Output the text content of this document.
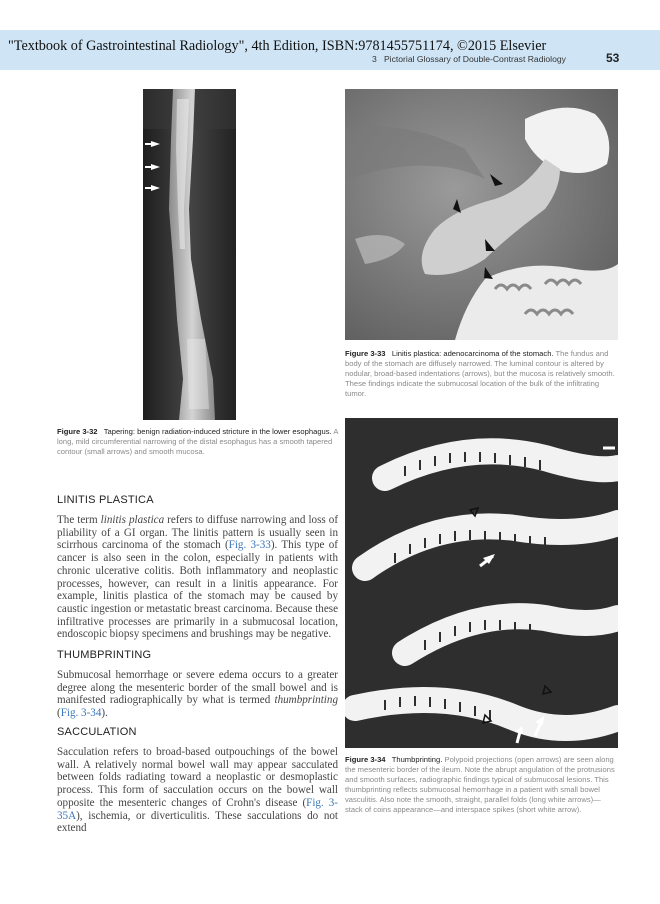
"Textbook of Gastrointestinal Radiology", 4th Edition, ISBN:9781455751174, ©2015 Elsevier
3 Pictorial Glossary of Double-Contrast Radiology	53
Figure 3-32 Tapering: benign radiation-induced stricture in the lower esophagus. A long, mild circumferential narrowing of the distal esophagus has a smooth tapered contour (small arrows) and smooth mucosa.
Figure 3-33 Linitis plastica: adenocarcinoma of the stomach. The fundus and body of the stomach are diffusely narrowed. The luminal contour is altered by nodular, broad-based indentations (arrows), but the mucosa is relatively smooth. These findings indicate the submucosal location of the bulk of the infiltrating tumor.
Figure 3-34 Thumbprinting. Polypoid projections (open arrows) are seen along the mesenteric border of the ileum. Note the abrupt angulation of the protrusions and smooth surfaces, radiographic findings typical of submucosal lesions. This thumbprinting reflects submucosal hemorrhage in a patient with small bowel vasculitis. Also note the smooth, straight, parallel folds (long white arrows)—stack of coins appearance—and interspace spikes (short white arrow).
LINITIS PLASTICA
The term linitis plastica refers to diffuse narrowing and loss of pliability of a GI organ. The linitis pattern is usually seen in scirrhous carcinoma of the stomach (Fig. 3-33). This type of cancer is also seen in the colon, especially in patients with chronic ulcerative colitis. Both inflammatory and neoplastic processes, however, can result in a linitis appearance. For example, linitis plastica of the stomach may be caused by caustic ingestion or metastatic breast carcinoma. Because these infiltrative processes are primarily in a submucosal location, endoscopic biopsy specimens and brushings may be negative.
THUMBPRINTING
Submucosal hemorrhage or severe edema occurs to a greater degree along the mesenteric border of the small bowel and is manifested radiographically by what is termed thumbprinting (Fig. 3-34).
SACCULATION
Sacculation refers to broad-based outpouchings of the bowel wall. A relatively normal bowel wall may appear sacculated between folds radiating toward a neoplastic or desmoplastic process. This form of sacculation occurs on the bowel wall opposite the mesenteric changes of Crohn's disease (Fig. 3-35A), ischemia, or diverticulitis. These sacculations do not extend
